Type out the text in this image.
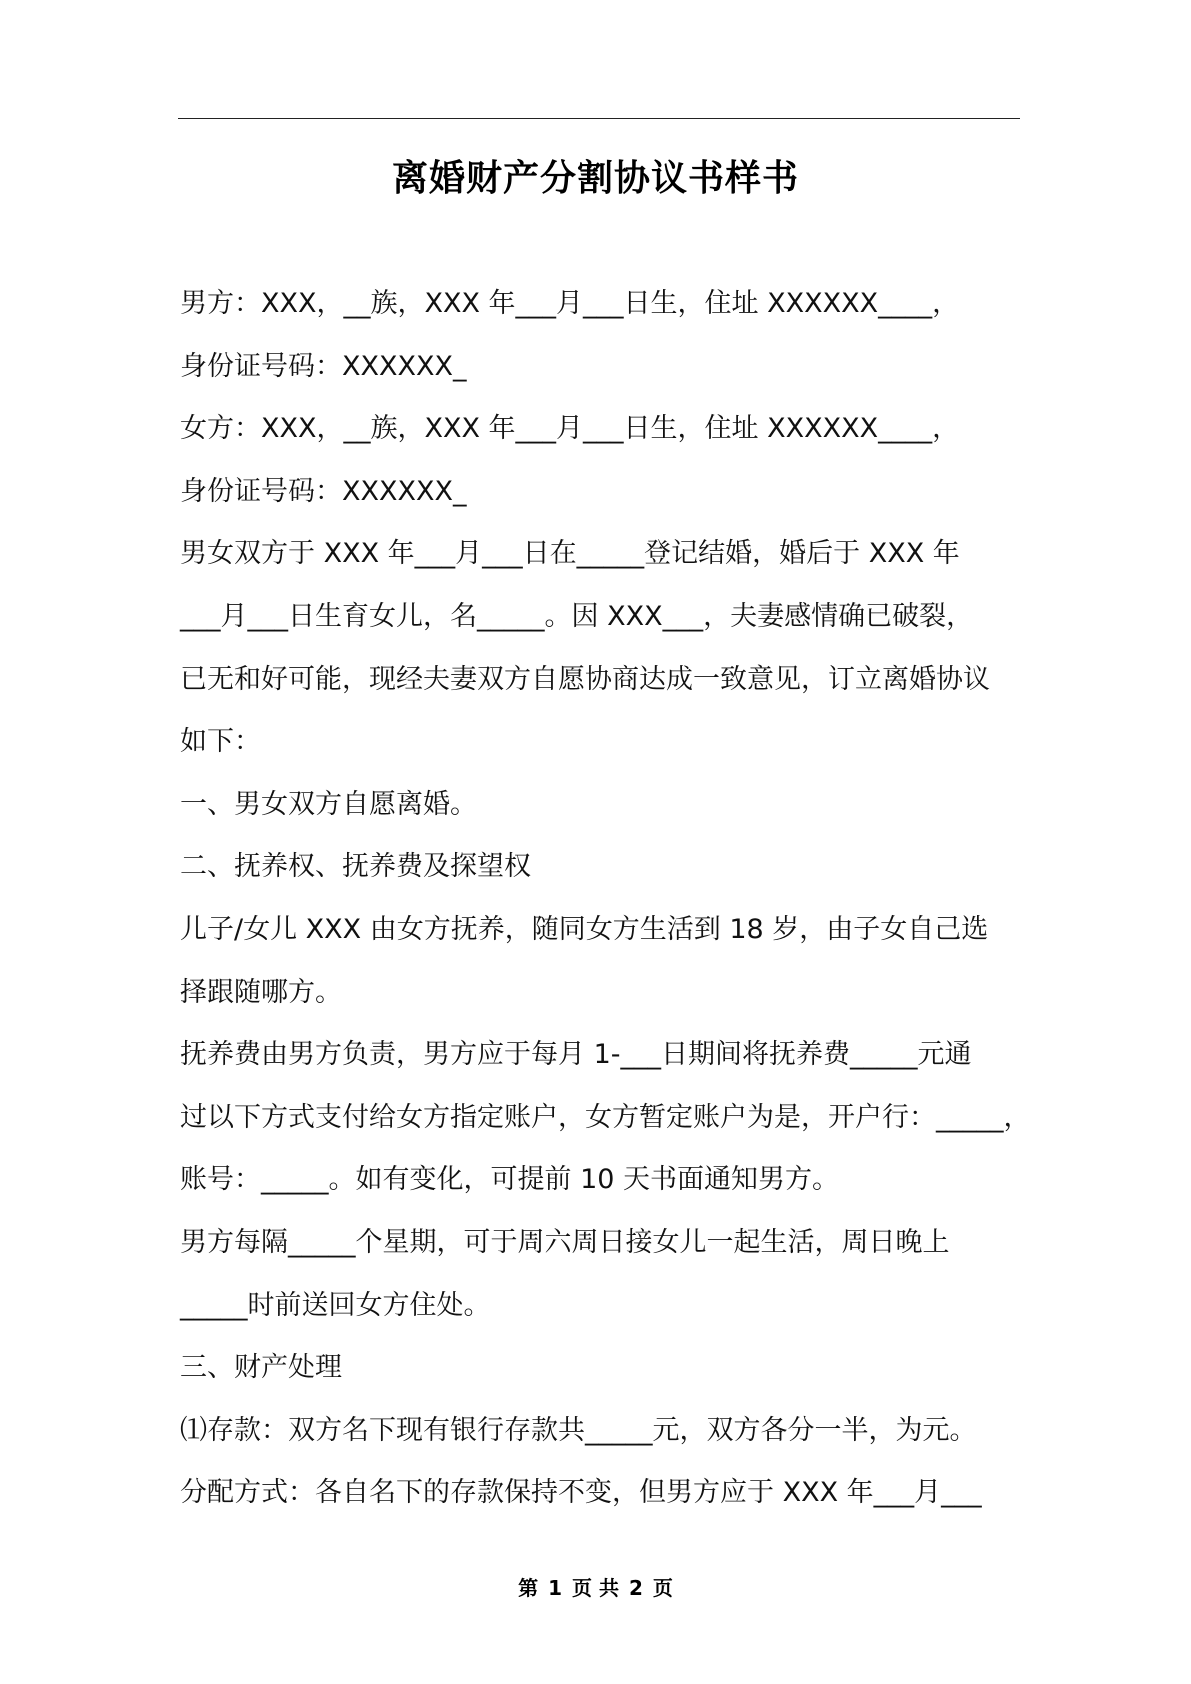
离婚财产分割协议书样书
男方：XXX，__族，XXX 年___月___日生，住址 XXXXXX____，
身份证号码：XXXXXX_
女方：XXX，__族，XXX 年___月___日生，住址 XXXXXX____，
身份证号码：XXXXXX_
男女双方于 XXX 年___月___日在_____登记结婚，婚后于 XXX 年
___月___日生育女儿，名_____。因 XXX___，夫妻感情确已破裂，
已无和好可能，现经夫妻双方自愿协商达成一致意见，订立离婚协议
如下：
一、男女双方自愿离婚。
二、抚养权、抚养费及探望权
儿子/女儿 XXX 由女方抚养，随同女方生活到 18 岁，由子女自己选
择跟随哪方。
抚养费由男方负责，男方应于每月 1-___日期间将抚养费_____元通
过以下方式支付给女方指定账户，女方暂定账户为是，开户行：_____，
账号：_____。如有变化，可提前 10 天书面通知男方。
男方每隔_____个星期，可于周六周日接女儿一起生活，周日晚上
_____时前送回女方住处。
三、财产处理
⑴存款：双方名下现有银行存款共_____元，双方各分一半，为元。
分配方式：各自名下的存款保持不变，但男方应于 XXX 年___月___
第 1 页 共 2 页
